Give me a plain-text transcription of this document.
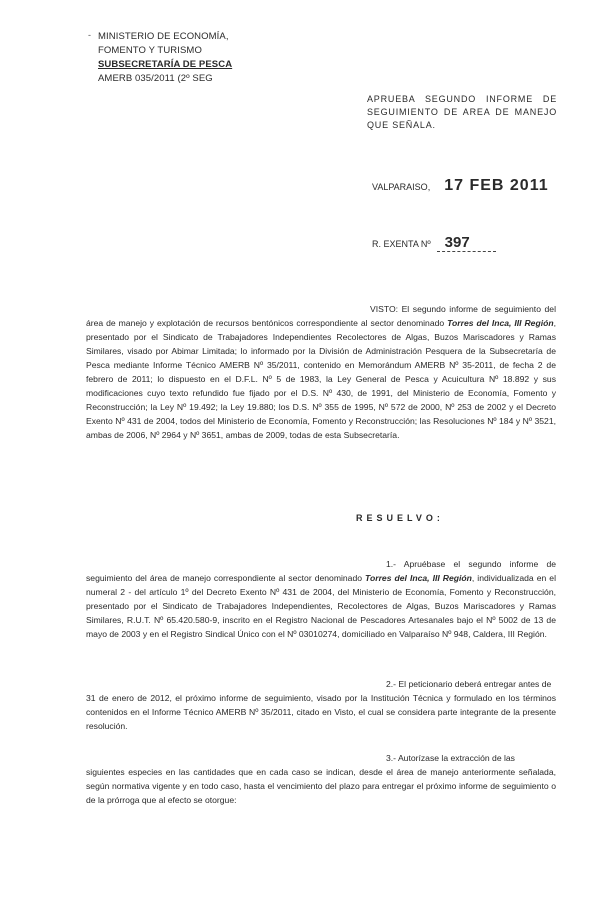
- MINISTERIO DE ECONOMÍA,
FOMENTO Y TURISMO
SUBSECRETARÍA DE PESCA
AMERB 035/2011 (2º SEG
APRUEBA SEGUNDO INFORME DE SEGUIMIENTO DE AREA DE MANEJO QUE SEÑALA.
VALPARAISO, 17 FEB 2011
R. EXENTA Nº 397
VISTO: El segundo informe de seguimiento del área de manejo y explotación de recursos bentónicos correspondiente al sector denominado Torres del Inca, III Región, presentado por el Sindicato de Trabajadores Independientes Recolectores de Algas, Buzos Mariscadores y Ramas Similares, visado por Abimar Limitada; lo informado por la División de Administración Pesquera de la Subsecretaría de Pesca mediante Informe Técnico AMERB Nº 35/2011, contenido en Memorándum AMERB Nº 35-2011, de fecha 2 de febrero de 2011; lo dispuesto en el D.F.L. Nº 5 de 1983, la Ley General de Pesca y Acuicultura Nº 18.892 y sus modificaciones cuyo texto refundido fue fijado por el D.S. Nº 430, de 1991, del Ministerio de Economía, Fomento y Reconstrucción; la Ley Nº 19.492; la Ley 19.880; los D.S. Nº 355 de 1995, Nº 572 de 2000, Nº 253 de 2002 y el Decreto Exento Nº 431 de 2004, todos del Ministerio de Economía, Fomento y Reconstrucción; las Resoluciones Nº 184 y Nº 3521, ambas de 2006, Nº 2964 y Nº 3651, ambas de 2009, todas de esta Subsecretaría.
RESUELVO:
1.- Apruébase el segundo informe de seguimiento del área de manejo correspondiente al sector denominado Torres del Inca, III Región, individualizada en el numeral 2 - del artículo 1º del Decreto Exento Nº 431 de 2004, del Ministerio de Economía, Fomento y Reconstrucción, presentado por el Sindicato de Trabajadores Independientes, Recolectores de Algas, Buzos Mariscadores y Ramas Similares, R.U.T. Nº 65.420.580-9, inscrito en el Registro Nacional de Pescadores Artesanales bajo el Nº 5002 de 13 de mayo de 2003 y en el Registro Sindical Único con el Nº 03010274, domiciliado en Valparaíso Nº 948, Caldera, III Región.
2.- El peticionario deberá entregar antes de
31 de enero de 2012, el próximo informe de seguimiento, visado por la Institución Técnica y formulado en los términos contenidos en el Informe Técnico AMERB Nº 35/2011, citado en Visto, el cual se considera parte integrante de la presente resolución.
3.- Autorízase la extracción de las
siguientes especies en las cantidades que en cada caso se indican, desde el área de manejo anteriormente señalada, según normativa vigente y en todo caso, hasta el vencimiento del plazo para entregar el próximo informe de seguimiento o de la prórroga que al efecto se otorgue:
